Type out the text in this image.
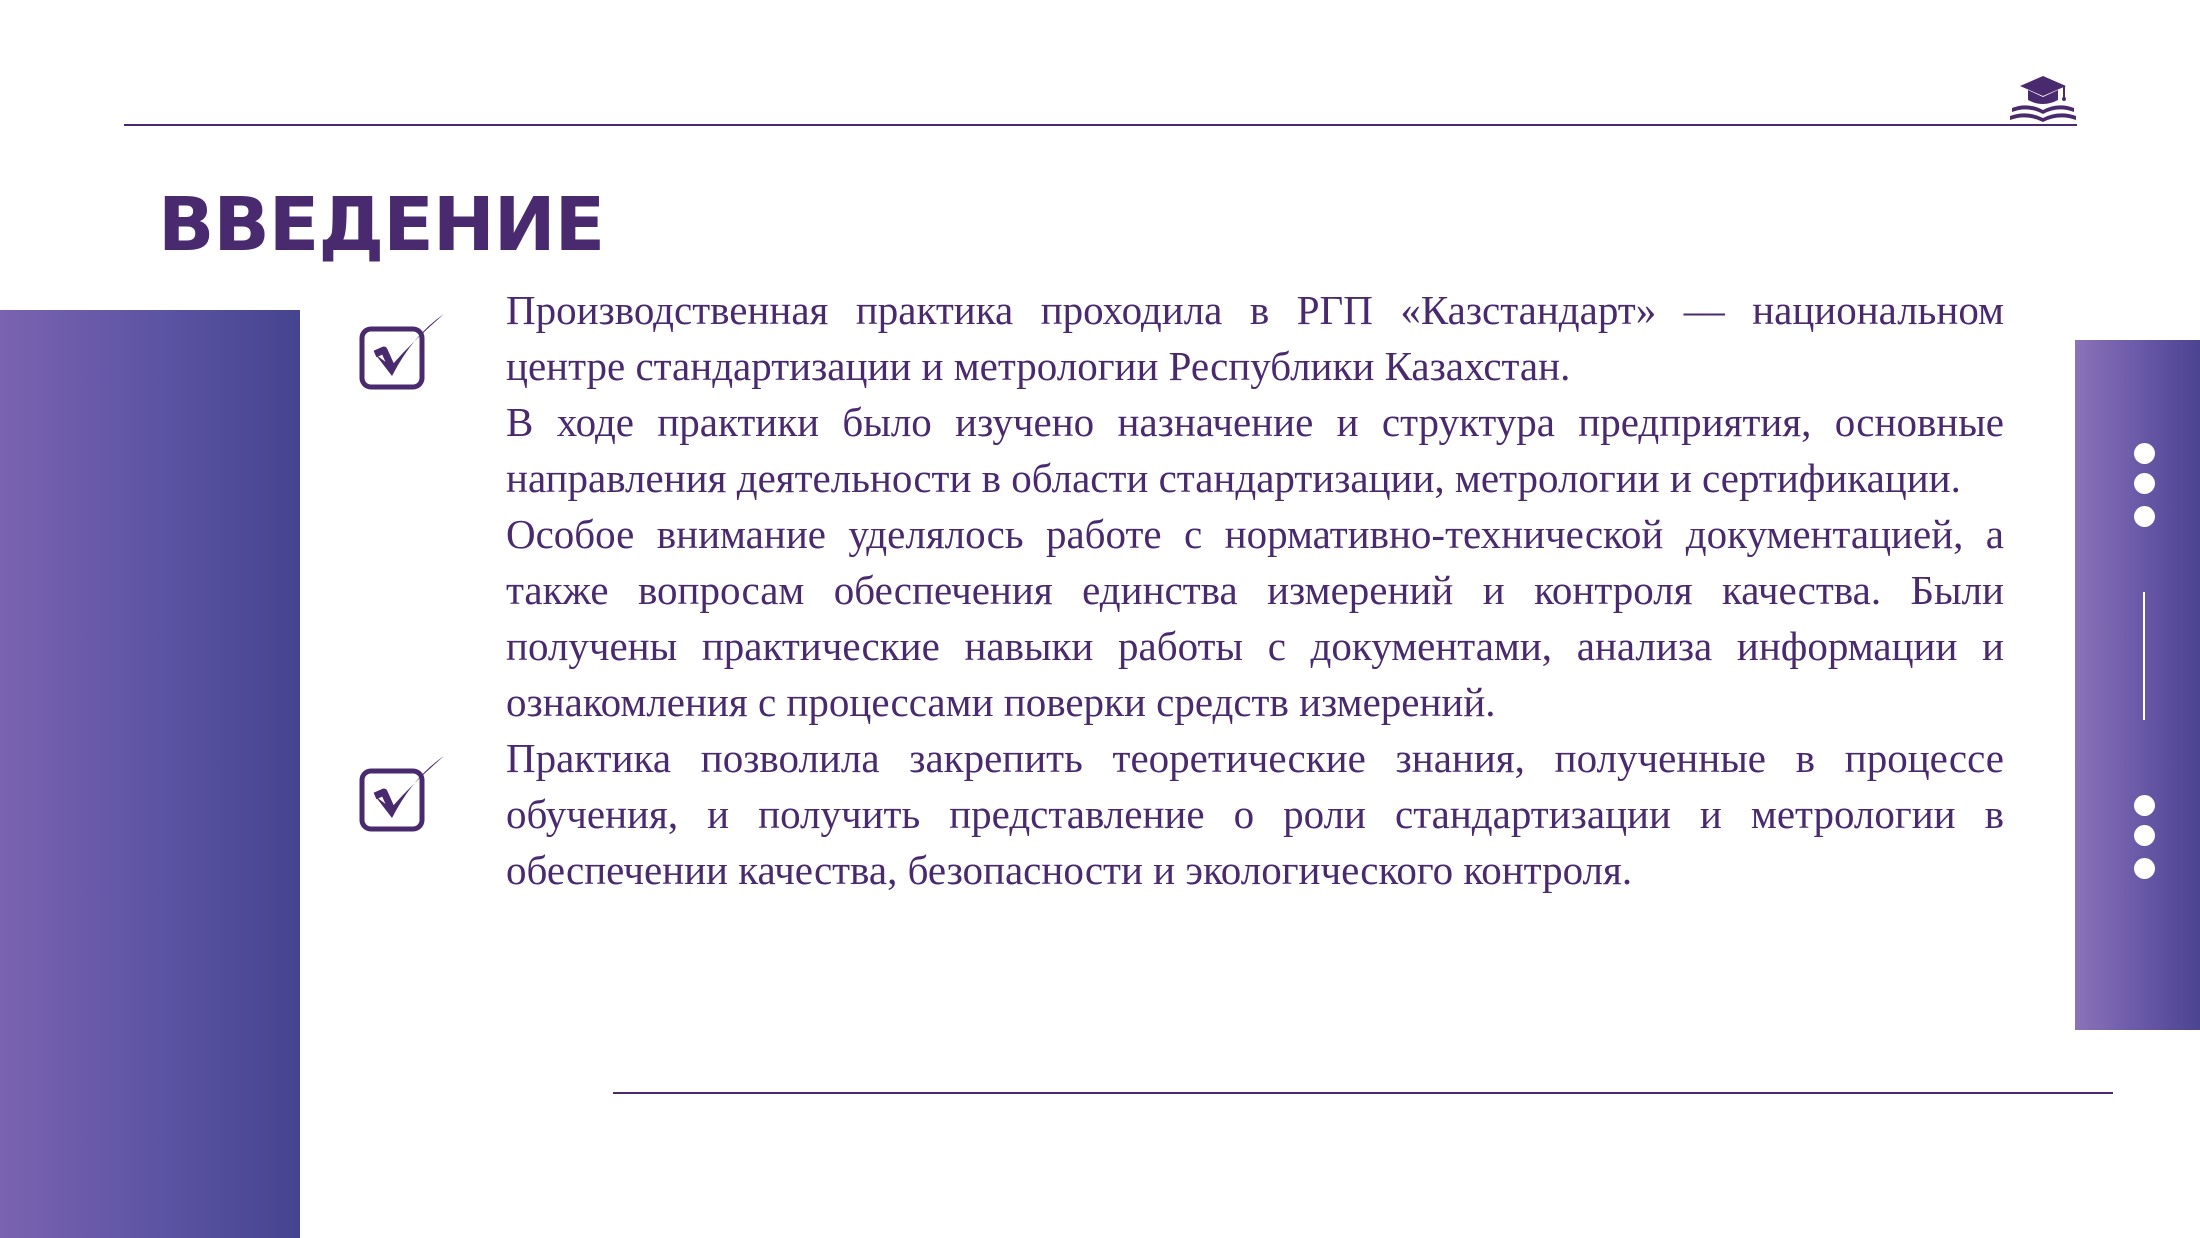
ВВЕДЕНИЕ

Производственная практика проходила в РГП «Казстандарт» — национальном центре стандартизации и метрологии Республики Казахстан.

В ходе практики было изучено назначение и структура предприятия, основные направления деятельности в области стандартизации, метрологии и сертификации.

Особое внимание уделялось работе с нормативно-технической документацией, а также вопросам обеспечения единства измерений и контроля качества. Были получены практические навыки работы с документами, анализа информации и ознакомления с процессами поверки средств измерений.

Практика позволила закрепить теоретические знания, полученные в процессе обучения, и получить представление о роли стандартизации и метрологии в обеспечении качества, безопасности и экологического контроля.
